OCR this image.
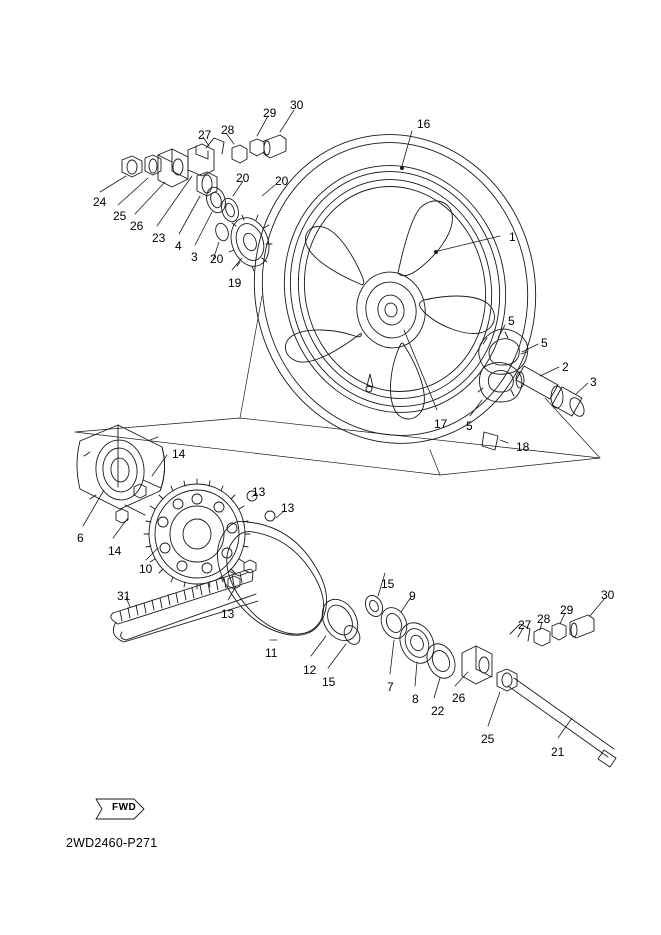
FWD
2WD2460-P271
30
29
28
27
16
20 20
1
24
25
26
23
4
3 20
19
5
5
2
3
5
17
18
14
6
14
10
13
13
13
31
11
12
15
15
9
7
8
22
26
25
27 28
29
30
21
